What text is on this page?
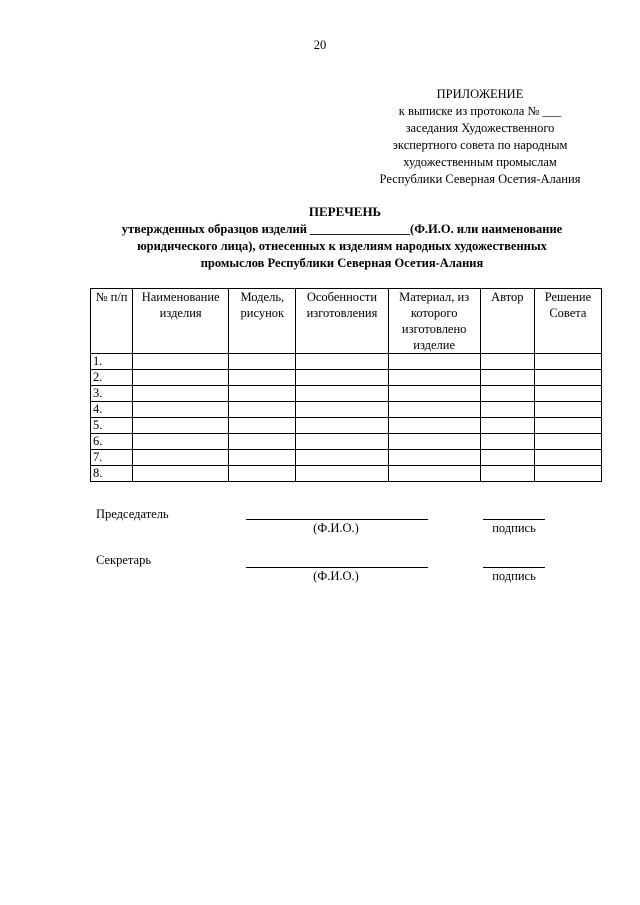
20
ПРИЛОЖЕНИЕ
к выписке из протокола № ___
заседания Художественного
экспертного совета по народным
художественным промыслам
Республики Северная Осетия-Алания
ПЕРЕЧЕНЬ
утвержденных образцов изделий ________________(Ф.И.О. или наименование
юридического лица), отнесенных к изделиям народных художественных
промыслов Республики Северная Осетия-Алания
№ п/п	Наименование изделия	Модель, рисунок	Особенности изготовления	Материал, из которого изготовлено изделие	Автор	Решение Совета
1.						
2.						
3.						
4.						
5.						
6.						
7.						
8.						
Председатель
(Ф.И.О.)	подпись
Секретарь
(Ф.И.О.)	подпись
